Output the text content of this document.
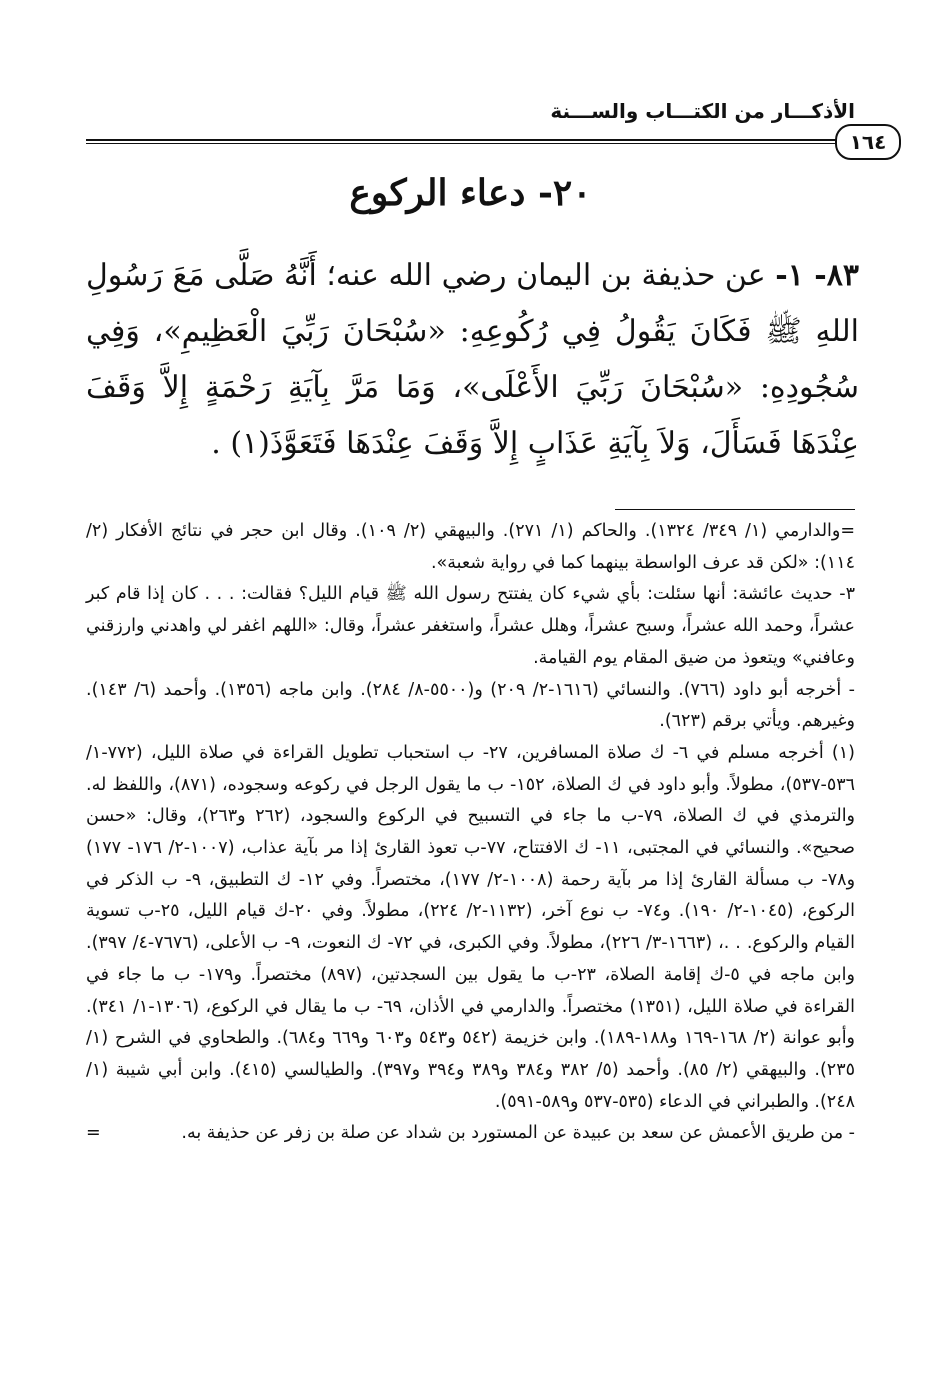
الأذكـــار من الكتـــاب والســـنة
١٦٤
٢٠- دعاء الركوع
٨٣- ١- عن حذيفة بن اليمان رضي الله عنه؛ أَنَّهُ صَلَّى مَعَ رَسُولِ اللهِ ﷺ فَكَانَ يَقُولُ فِي رُكُوعِهِ: «سُبْحَانَ رَبِّيَ الْعَظِيمِ»، وَفِي سُجُودِهِ: «سُبْحَانَ رَبِّيَ الأَعْلَى»، وَمَا مَرَّ بِآيَةِ رَحْمَةٍ إِلاَّ وَقَفَ عِنْدَهَا فَسَأَلَ، وَلاَ بِآيَةِ عَذَابٍ إِلاَّ وَقَفَ عِنْدَهَا فَتَعَوَّذَ(١) .

=والدارمي (١/ ٣٤٩/ ١٣٢٤). والحاكم (١/ ٢٧١). والبيهقي (٢/ ١٠٩). وقال ابن حجر في نتائج الأفكار (٢/ ١١٤): «لكن قد عرف الواسطة بينهما كما في رواية شعبة».

٣- حديث عائشة: أنها سئلت: بأي شيء كان يفتتح رسول الله ﷺ قيام الليل؟ فقالت: . . . كان إذا قام كبر عشراً، وحمد الله عشراً، وسبح عشراً، وهلل عشراً، واستغفر عشراً، وقال: «اللهم اغفر لي واهدني وارزقني وعافني» ويتعوذ من ضيق المقام يوم القيامة.

- أخرجه أبو داود (٧٦٦). والنسائي (١٦١٦-٢/ ٢٠٩) و(٥٥٠٠-٨/ ٢٨٤). وابن ماجه (١٣٥٦). وأحمد (٦/ ١٤٣). وغيرهم. ويأتي برقم (٦٢٣).

(١) أخرجه مسلم في ٦- ك صلاة المسافرين، ٢٧- ب استحباب تطويل القراءة في صلاة الليل، (٧٧٢-١/ ٥٣٦-٥٣٧)، مطولاً. وأبو داود في ك الصلاة، ١٥٢- ب ما يقول الرجل في ركوعه وسجوده، (٨٧١)، واللفظ له. والترمذي في ك الصلاة، ٧٩-ب ما جاء في التسبيح في الركوع والسجود، (٢٦٢ و٢٦٣)، وقال: «حسن صحيح». والنسائي في المجتبى، ١١- ك الافتتاح، ٧٧-ب تعوذ القارئ إذا مر بآية عذاب، (١٠٠٧-٢/ ١٧٦- ١٧٧) و٧٨- ب مسألة القارئ إذا مر بآية رحمة (١٠٠٨-٢/ ١٧٧)، مختصراً. وفي ١٢- ك التطبيق، ٩- ب الذكر في الركوع، (١٠٤٥-٢/ ١٩٠). و٧٤- ب نوع آخر، (١١٣٢-٢/ ٢٢٤)، مطولاً. وفي ٢٠-ك قيام الليل، ٢٥-ب تسوية القيام والركوع. . .، (١٦٦٣-٣/ ٢٢٦)، مطولاً. وفي الكبرى، في ٧٢- ك النعوت، ٩- ب الأعلى، (٧٦٧٦-٤/ ٣٩٧). وابن ماجه في ٥-ك إقامة الصلاة، ٢٣-ب ما يقول بين السجدتين، (٨٩٧) مختصراً. و١٧٩- ب ما جاء في القراءة في صلاة الليل، (١٣٥١) مختصراً. والدارمي في الأذان، ٦٩- ب ما يقال في الركوع، (١٣٠٦-١/ ٣٤١). وأبو عوانة (٢/ ١٦٨-١٦٩ و١٨٨-١٨٩). وابن خزيمة (٥٤٢ و٥٤٣ و٦٠٣ و٦٦٩ و٦٨٤). والطحاوي في الشرح (١/ ٢٣٥). والبيهقي (٢/ ٨٥). وأحمد (٥/ ٣٨٢ و٣٨٤ و٣٨٩ و٣٩٤ و٣٩٧). والطيالسي (٤١٥). وابن أبي شيبة (١/ ٢٤٨). والطبراني في الدعاء (٥٣٥-٥٣٧ و٥٨٩-٥٩١).

- من طريق الأعمش عن سعد بن عبيدة عن المستورد بن شداد عن صلة بن زفر عن حذيفة به.

=
